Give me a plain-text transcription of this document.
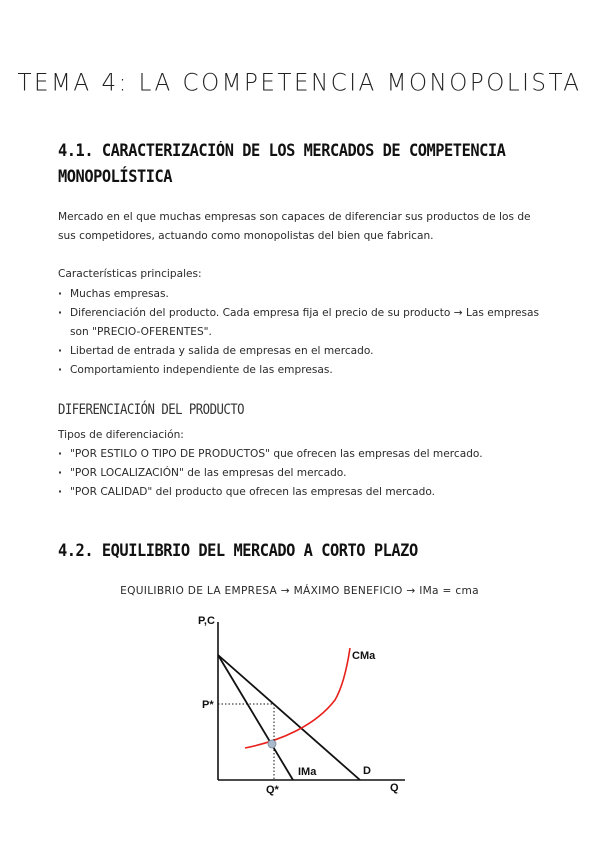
TEMA 4: LA COMPETENCIA MONOPOLISTA
4.1. CARACTERIZACIÓN DE LOS MERCADOS DE COMPETENCIA MONOPOLÍSTICA
Mercado en el que muchas empresas son capaces de diferenciar sus productos de los de sus competidores, actuando como monopolistas del bien que fabrican.
Características principales:
· Muchas empresas.
· Diferenciación del producto. Cada empresa fija el precio de su producto → Las empresas son "PRECIO-OFERENTES".
· Libertad de entrada y salida de empresas en el mercado.
· Comportamiento independiente de las empresas.
DIFERENCIACIÓN DEL PRODUCTO
Tipos de diferenciación:
· "POR ESTILO O TIPO DE PRODUCTOS" que ofrecen las empresas del mercado.
· "POR LOCALIZACIÓN" de las empresas del mercado.
· "POR CALIDAD" del producto que ofrecen las empresas del mercado.
4.2. EQUILIBRIO DEL MERCADO A CORTO PLAZO
EQUILIBRIO DE LA EMPRESA → MÁXIMO BENEFICIO → IMa = cma
P,C
Q
CMa
IMa	D
P*
Q*
